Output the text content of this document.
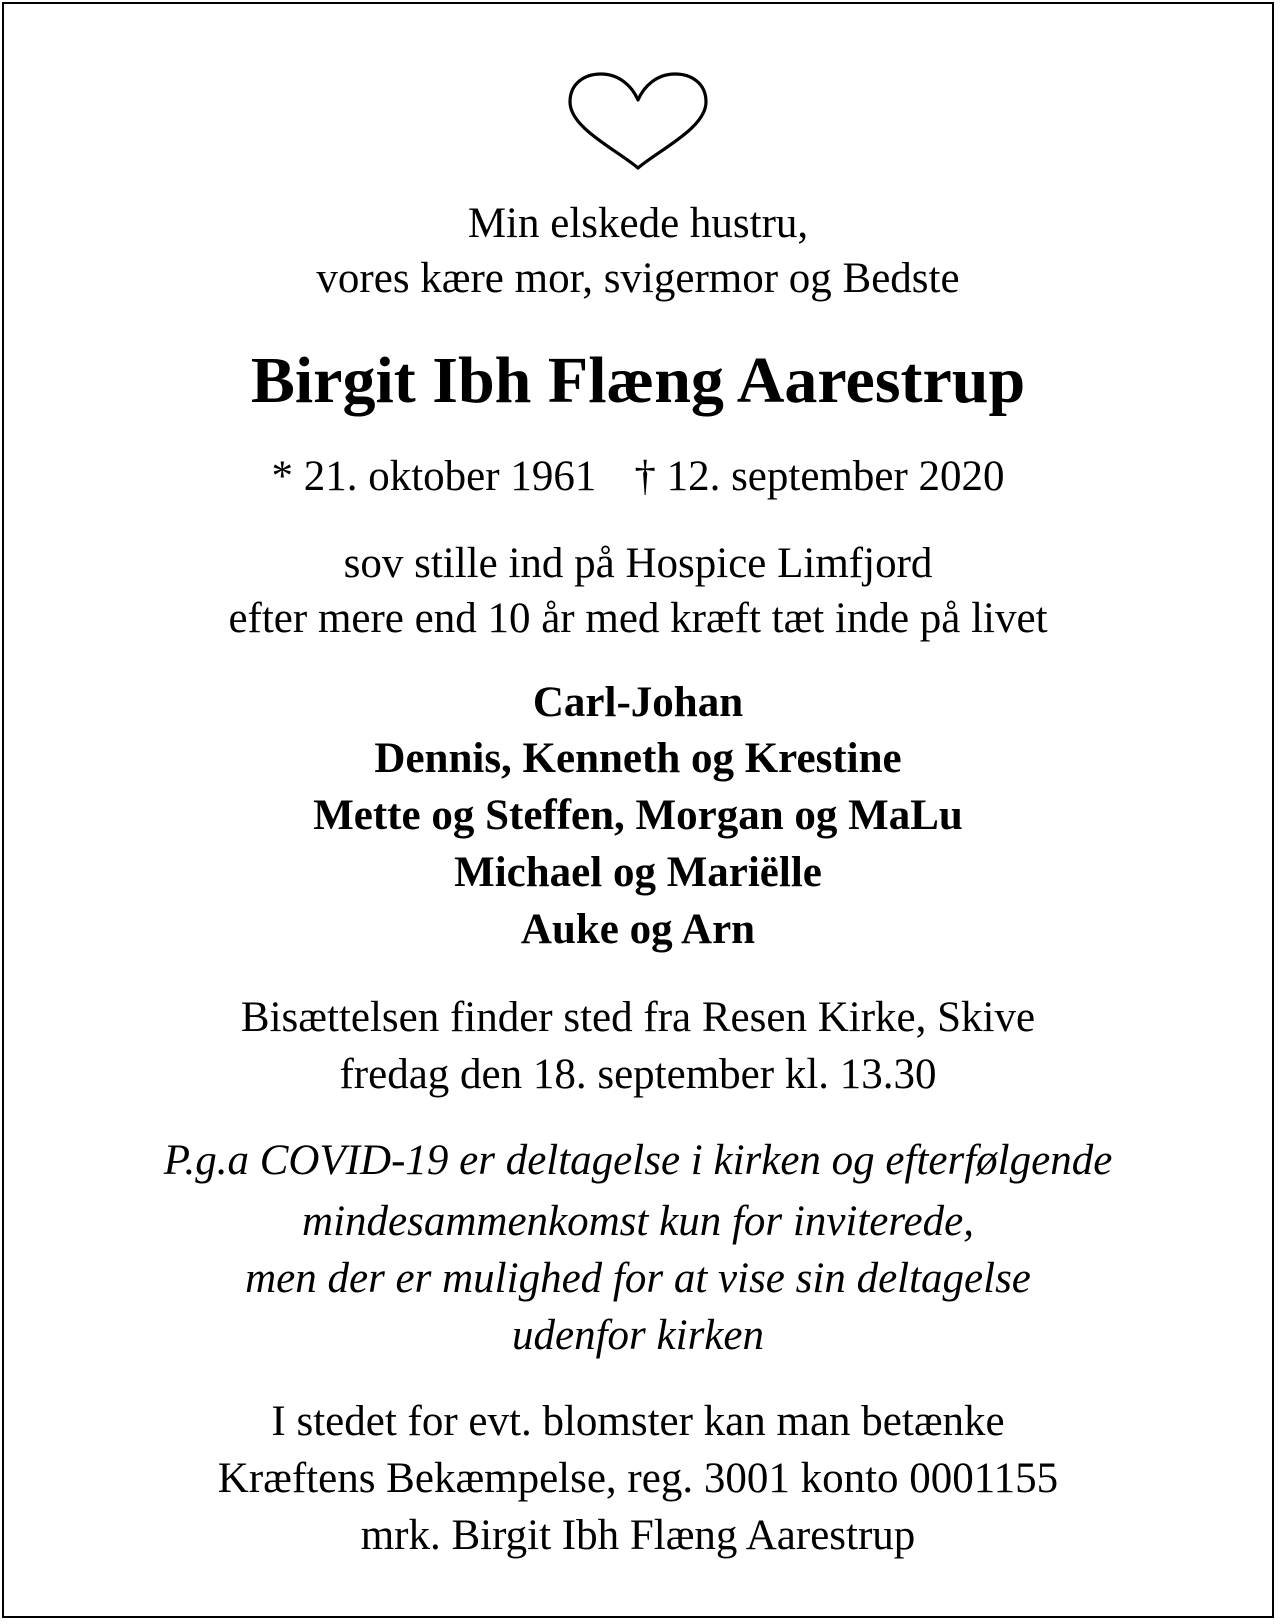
Min elskede hustru,
vores kære mor, svigermor og Bedste
Birgit Ibh Flæng Aarestrup
* 21. oktober 1961 † 12. september 2020
sov stille ind på Hospice Limfjord
efter mere end 10 år med kræft tæt inde på livet
Carl-Johan
Dennis, Kenneth og Krestine
Mette og Steffen, Morgan og MaLu
Michael og Mariëlle
Auke og Arn
Bisættelsen finder sted fra Resen Kirke, Skive
fredag den 18. september kl. 13.30
P.g.a COVID-19 er deltagelse i kirken og efterfølgende
mindesammenkomst kun for inviterede,
men der er mulighed for at vise sin deltagelse
udenfor kirken
I stedet for evt. blomster kan man betænke
Kræftens Bekæmpelse, reg. 3001 konto 0001155
mrk. Birgit Ibh Flæng Aarestrup
